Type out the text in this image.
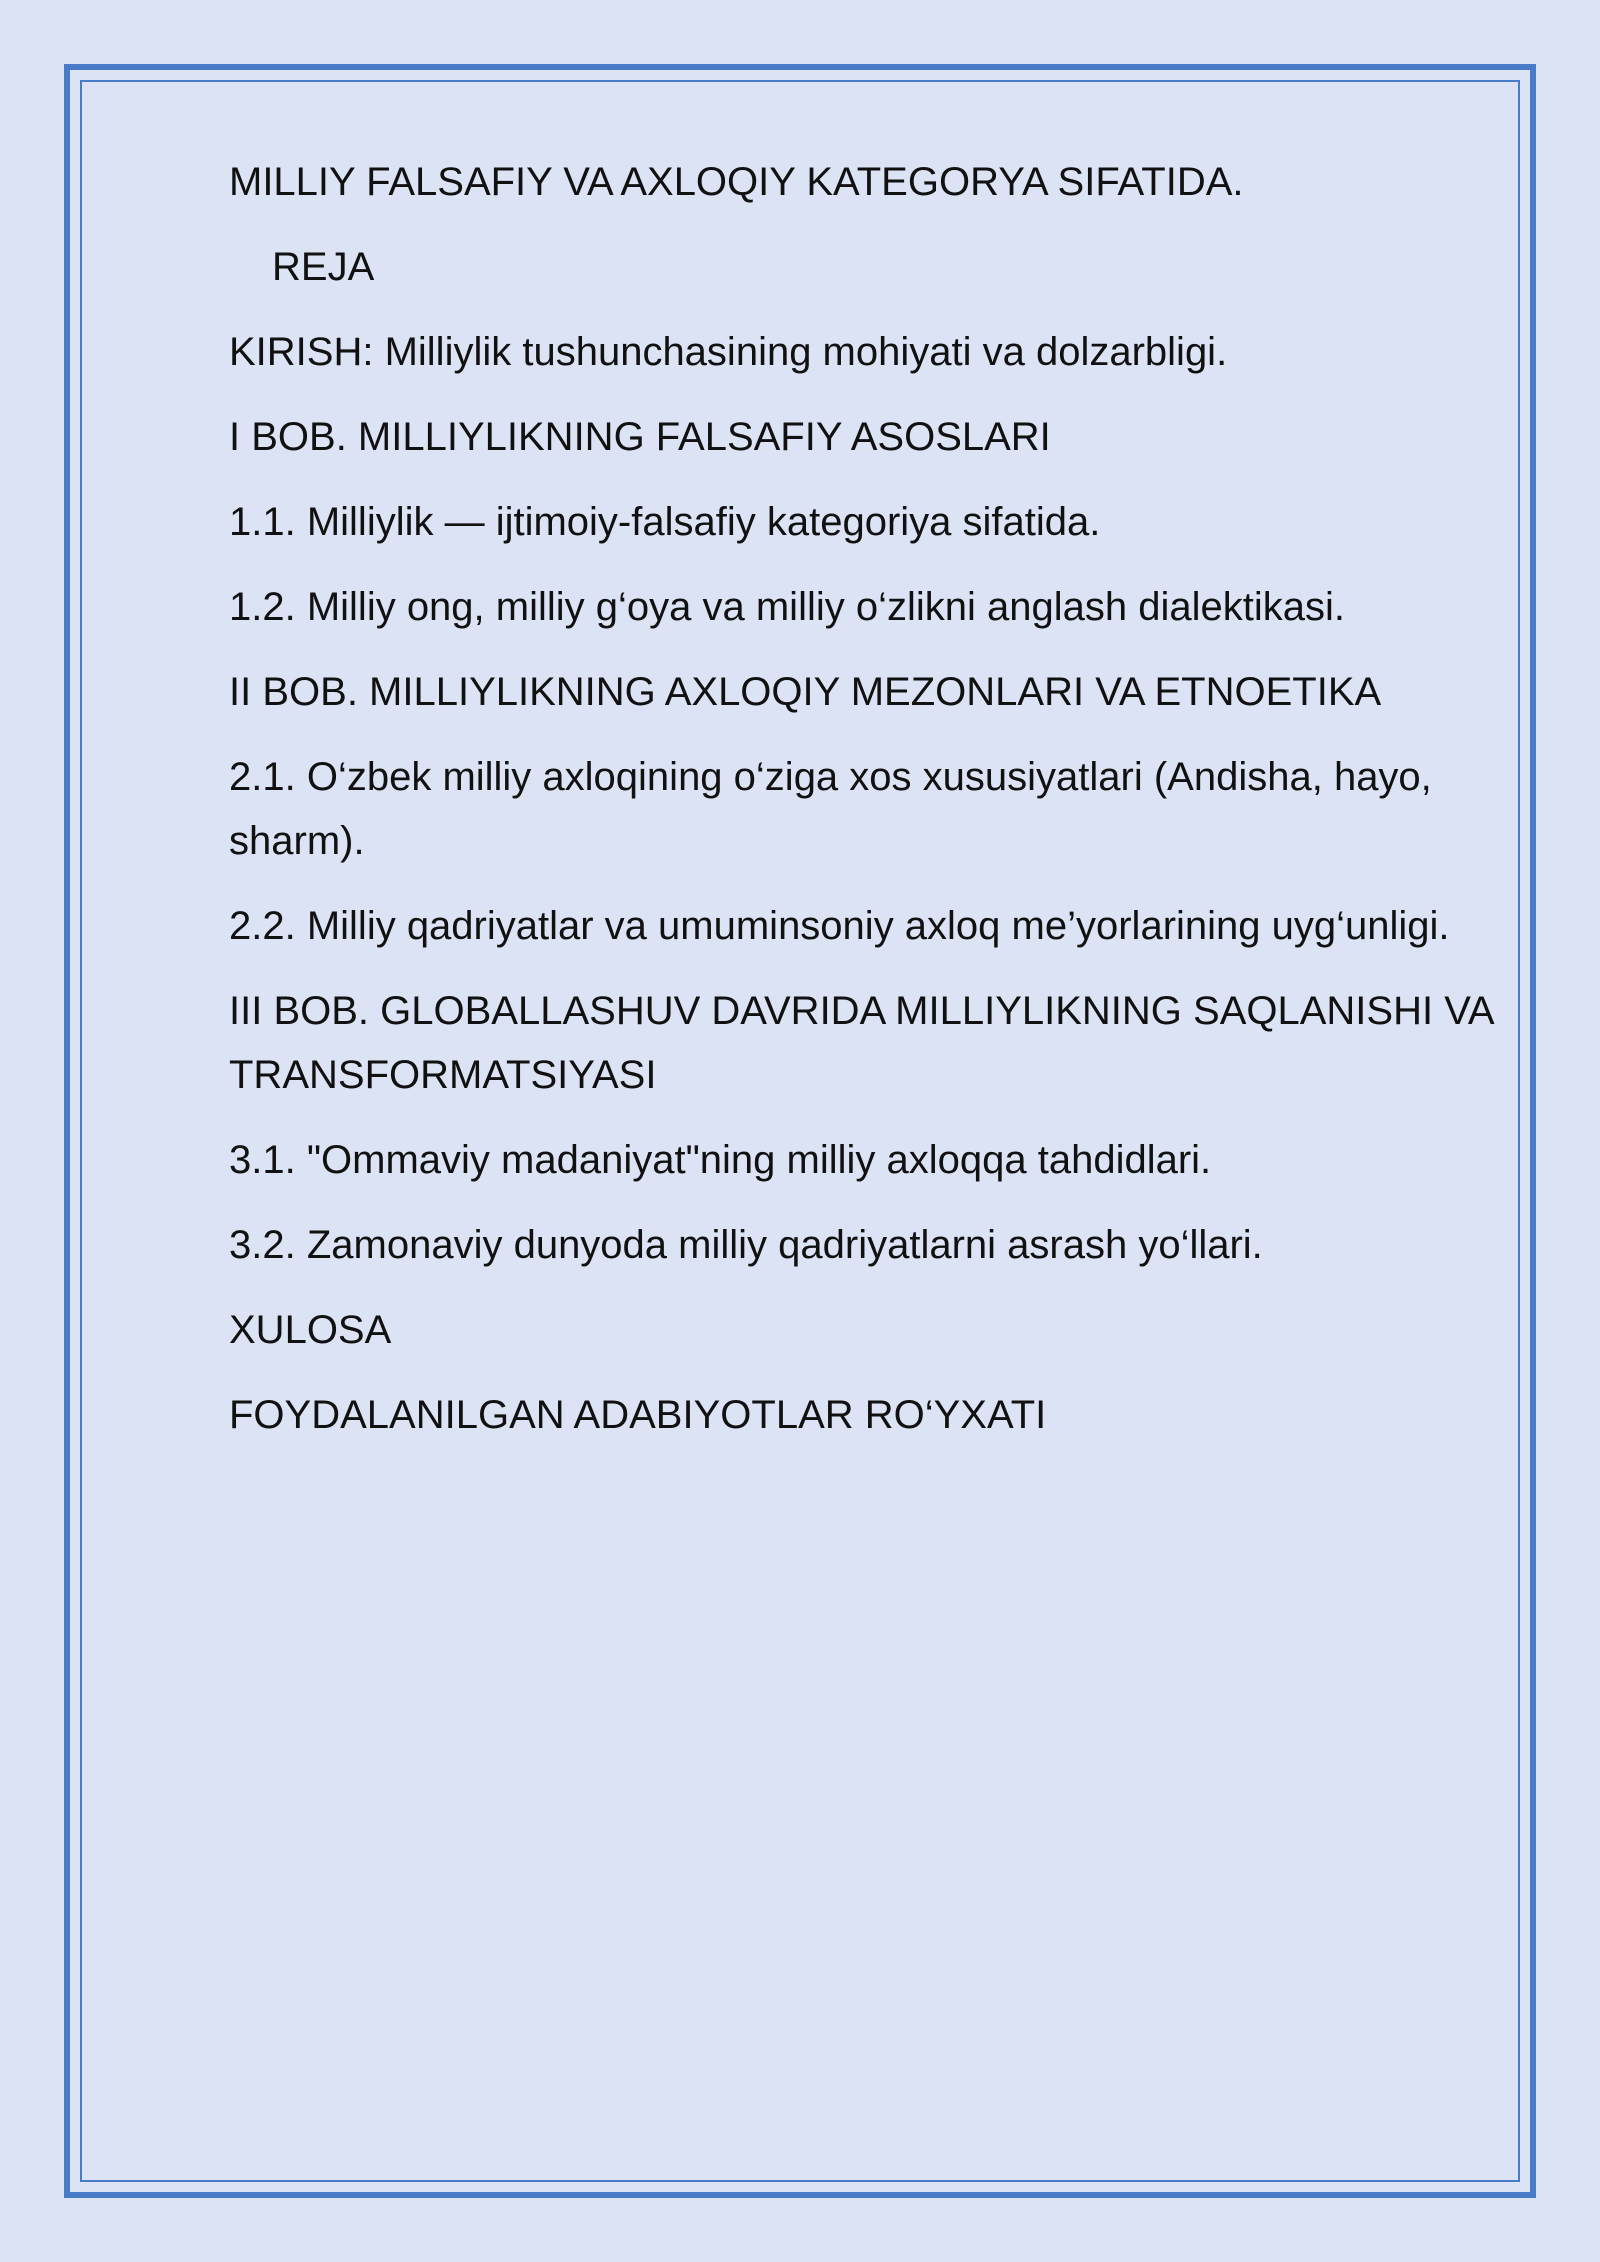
MILLIY FALSAFIY VA AXLOQIY KATEGORYA SIFATIDA.

REJA

KIRISH: Milliylik tushunchasining mohiyati va dolzarbligi.

I BOB. MILLIYLIKNING FALSAFIY ASOSLARI

1.1. Milliylik — ijtimoiy-falsafiy kategoriya sifatida.

1.2. Milliy ong, milliy g‘oya va milliy o‘zlikni anglash dialektikasi.

II BOB. MILLIYLIKNING AXLOQIY MEZONLARI VA ETNOETIKA

2.1. O‘zbek milliy axloqining o‘ziga xos xususiyatlari (Andisha, hayo, sharm).

2.2. Milliy qadriyatlar va umuminsoniy axloq me’yorlarining uyg‘unligi.

III BOB. GLOBALLASHUV DAVRIDA MILLIYLIKNING SAQLANISHI VA TRANSFORMATSIYASI

3.1. "Ommaviy madaniyat"ning milliy axloqqa tahdidlari.

3.2. Zamonaviy dunyoda milliy qadriyatlarni asrash yo‘llari.

XULOSA

FOYDALANILGAN ADABIYOTLAR RO‘YXATI
